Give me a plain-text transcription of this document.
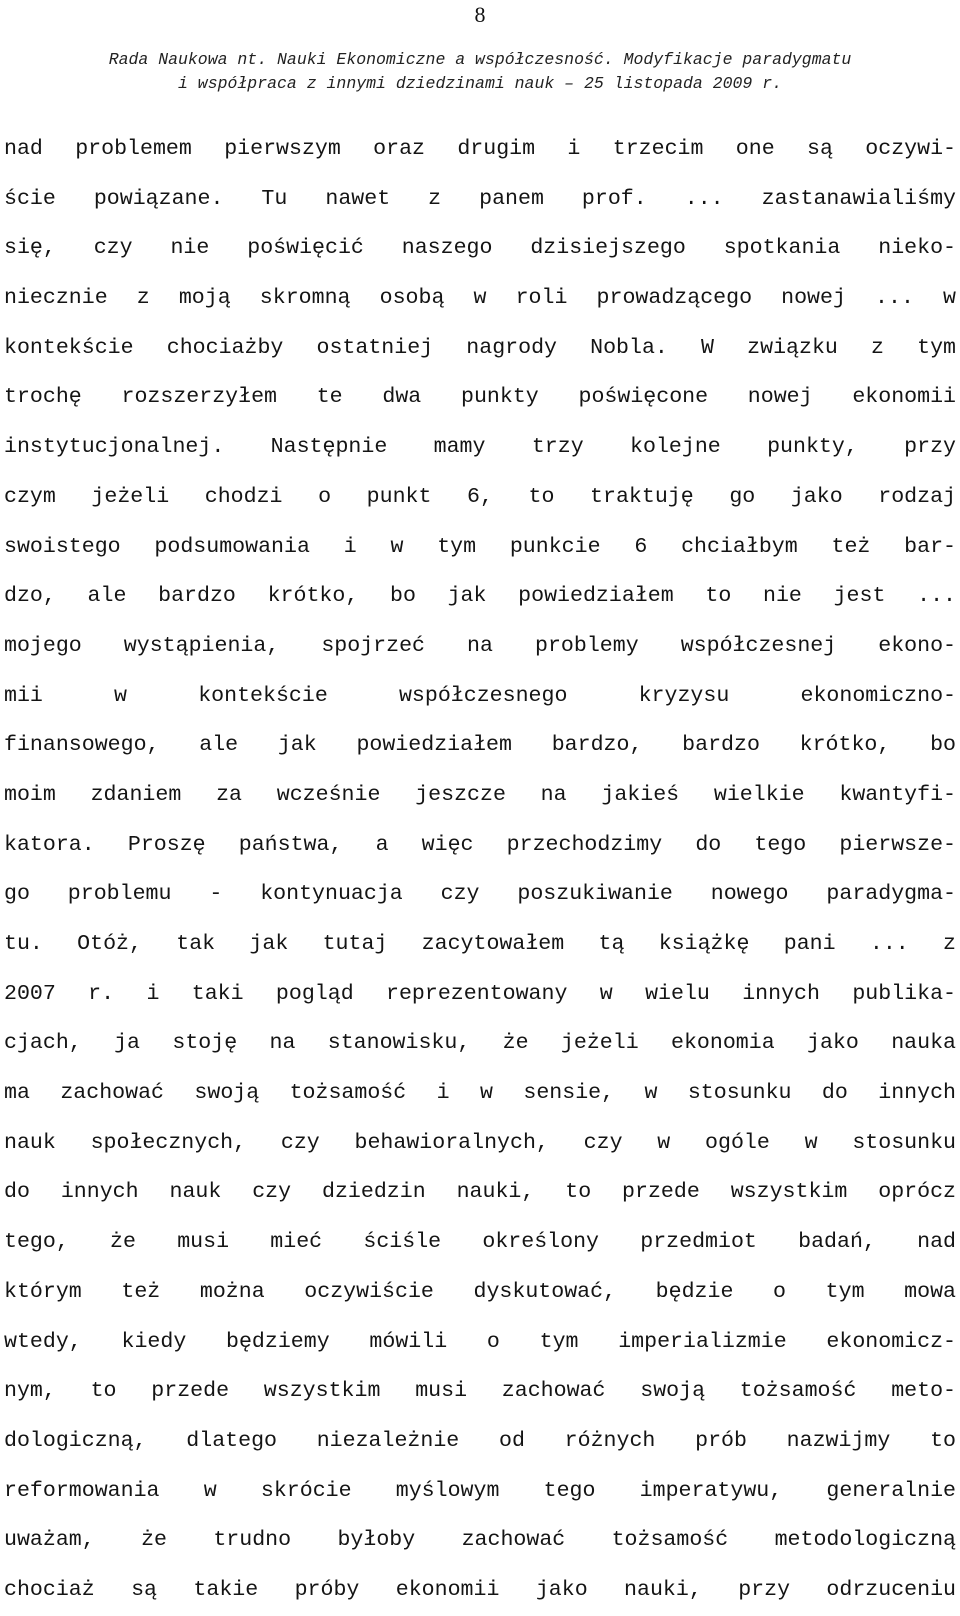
8
Rada Naukowa nt. Nauki Ekonomiczne a współczesność. Modyfikacje paradygmatu
i współpraca z innymi dziedzinami nauk – 25 listopada 2009 r.
nad problemem pierwszym oraz drugim i trzecim one są oczywi-
ście powiązane. Tu nawet z panem prof. ... zastanawialiśmy
się, czy nie poświęcić naszego dzisiejszego spotkania nieko-
niecznie z moją skromną osobą w roli prowadzącego nowej ... w
kontekście chociażby ostatniej nagrody Nobla. W związku z tym
trochę rozszerzyłem te dwa punkty poświęcone nowej ekonomii
instytucjonalnej. Następnie mamy trzy kolejne punkty, przy
czym jeżeli chodzi o punkt 6, to traktuję go jako rodzaj
swoistego podsumowania i w tym punkcie 6 chciałbym też bar-
dzo, ale bardzo krótko, bo jak powiedziałem to nie jest ...
mojego wystąpienia, spojrzeć na problemy współczesnej ekono-
mii w kontekście współczesnego kryzysu ekonomiczno-
finansowego, ale jak powiedziałem bardzo, bardzo krótko, bo
moim zdaniem za wcześnie jeszcze na jakieś wielkie kwantyfi-
katora. Proszę państwa, a więc przechodzimy do tego pierwsze-
go problemu - kontynuacja czy poszukiwanie nowego paradygma-
tu. Otóż, tak jak tutaj zacytowałem tą książkę pani ... z
2007 r. i taki pogląd reprezentowany w wielu innych publika-
cjach, ja stoję na stanowisku, że jeżeli ekonomia jako nauka
ma zachować swoją tożsamość i w sensie, w stosunku do innych
nauk społecznych, czy behawioralnych, czy w ogóle w stosunku
do innych nauk czy dziedzin nauki, to przede wszystkim oprócz
tego, że musi mieć ściśle określony przedmiot badań, nad
którym też można oczywiście dyskutować, będzie o tym mowa
wtedy, kiedy będziemy mówili o tym imperializmie ekonomicz-
nym, to przede wszystkim musi zachować swoją tożsamość meto-
dologiczną, dlatego niezależnie od różnych prób nazwijmy to
reformowania w skrócie myślowym tego imperatywu, generalnie
uważam, że trudno byłoby zachować tożsamość metodologiczną
chociaż są takie próby ekonomii jako nauki, przy odrzuceniu
